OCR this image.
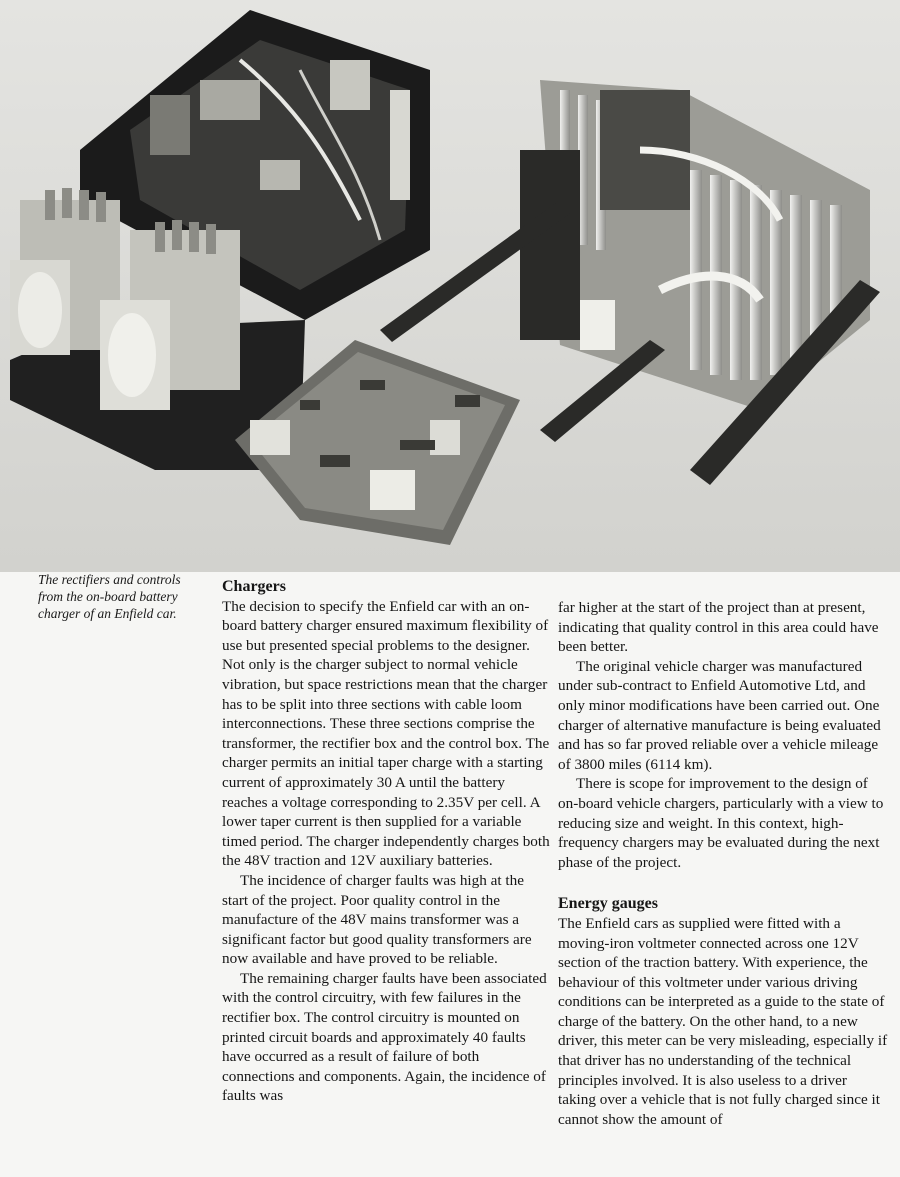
The rectifiers and controls
from the on-board battery
charger of an Enfield car.

Chargers

The decision to specify the Enfield car with an on-board battery charger ensured maximum flexibility of use but presented special problems to the designer. Not only is the charger subject to normal vehicle vibration, but space restrictions mean that the charger has to be split into three sections with cable loom interconnections. These three sections comprise the transformer, the rectifier box and the control box. The charger permits an initial taper charge with a starting current of approximately 30 A until the battery reaches a voltage corresponding to 2.35V per cell. A lower taper current is then supplied for a variable timed period. The charger independently charges both the 48V traction and 12V auxiliary batteries.

The incidence of charger faults was high at the start of the project. Poor quality control in the manufacture of the 48V mains transformer was a significant factor but good quality transformers are now available and have proved to be reliable.

The remaining charger faults have been associated with the control circuitry, with few failures in the rectifier box. The control circuitry is mounted on printed circuit boards and approximately 40 faults have occurred as a result of failure of both connections and components. Again, the incidence of faults was

far higher at the start of the project than at present, indicating that quality control in this area could have been better.

The original vehicle charger was manufactured under sub-contract to Enfield Automotive Ltd, and only minor modifications have been carried out. One charger of alternative manufacture is being evaluated and has so far proved reliable over a vehicle mileage of 3800 miles (6114 km).

There is scope for improvement to the design of on-board vehicle chargers, particularly with a view to reducing size and weight. In this context, high-frequency chargers may be evaluated during the next phase of the project.

Energy gauges

The Enfield cars as supplied were fitted with a moving-iron voltmeter connected across one 12V section of the traction battery. With experience, the behaviour of this voltmeter under various driving conditions can be interpreted as a guide to the state of charge of the battery. On the other hand, to a new driver, this meter can be very misleading, especially if that driver has no understanding of the technical principles involved. It is also useless to a driver taking over a vehicle that is not fully charged since it cannot show the amount of
